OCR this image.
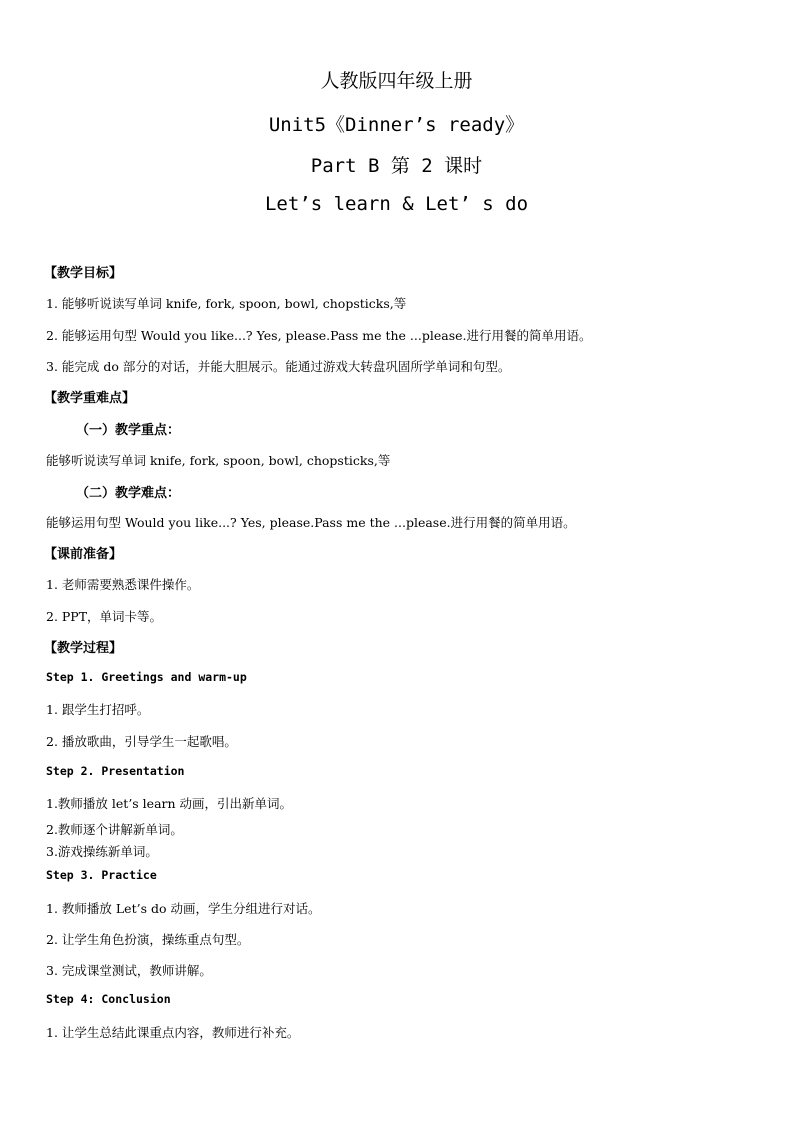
人教版四年级上册
Unit5《Dinner’s ready》
Part B 第 2 课时
Let’s learn & Let’ s do
【教学目标】
1. 能够听说读写单词 knife, fork, spoon, bowl, chopsticks,等
2. 能够运用句型 Would you like...? Yes, please.Pass me the ...please.进行用餐的简单用语。
3. 能完成 do 部分的对话，并能大胆展示。能通过游戏大转盘巩固所学单词和句型。
【教学重难点】
（一）教学重点：
能够听说读写单词 knife, fork, spoon, bowl, chopsticks,等
（二）教学难点：
能够运用句型 Would you like...? Yes, please.Pass me the ...please.进行用餐的简单用语。
【课前准备】
1. 老师需要熟悉课件操作。
2. PPT，单词卡等。
【教学过程】
Step 1. Greetings and warm-up
1. 跟学生打招呼。
2. 播放歌曲，引导学生一起歌唱。
Step 2. Presentation
1.教师播放 let’s learn 动画，引出新单词。
2.教师逐个讲解新单词。
3.游戏操练新单词。
Step 3. Practice
1. 教师播放 Let’s do 动画，学生分组进行对话。
2. 让学生角色扮演，操练重点句型。
3. 完成课堂测试，教师讲解。
Step 4: Conclusion
1. 让学生总结此课重点内容，教师进行补充。
